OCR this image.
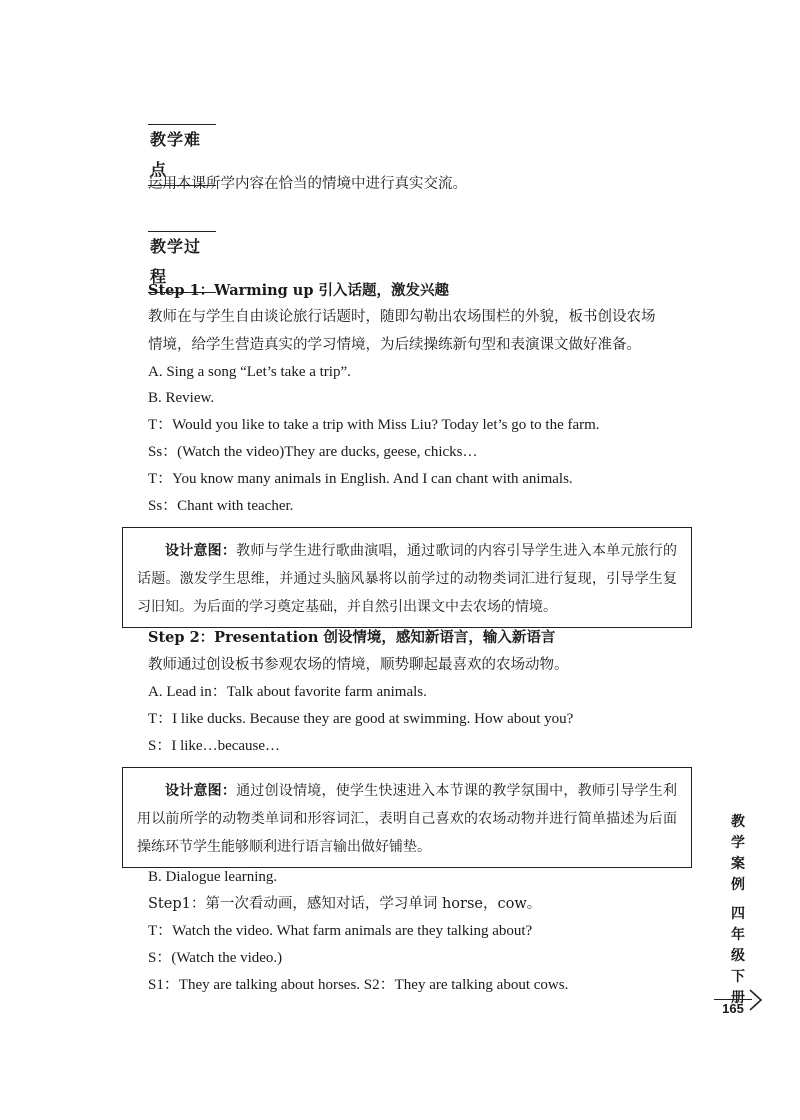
教学难点
运用本课所学内容在恰当的情境中进行真实交流。
教学过程
Step 1：Warming up 引入话题，激发兴趣
教师在与学生自由谈论旅行话题时，随即勾勒出农场围栏的外貌，板书创设农场
情境，给学生营造真实的学习情境，为后续操练新句型和表演课文做好准备。
A. Sing a song “Let’s take a trip”.
B. Review.
T：Would you like to take a trip with Miss Liu? Today let’s go to the farm.
Ss：(Watch the video)They are ducks, geese, chicks…
T：You know many animals in English. And I can chant with animals.
Ss：Chant with teacher.

设计意图：教师与学生进行歌曲演唱，通过歌词的内容引导学生进入本单元旅行的话题。激发学生思维，并通过头脑风暴将以前学过的动物类词汇进行复现，引导学生复习旧知。为后面的学习奠定基础，并自然引出课文中去农场的情境。

Step 2：Presentation 创设情境，感知新语言，输入新语言
教师通过创设板书参观农场的情境，顺势聊起最喜欢的农场动物。
A. Lead in：Talk about favorite farm animals.
T：I like ducks. Because they are good at swimming. How about you?
S：I like…because…

设计意图：通过创设情境，使学生快速进入本节课的教学氛围中，教师引导学生利用以前所学的动物类单词和形容词汇，表明自己喜欢的农场动物并进行简单描述为后面操练环节学生能够顺利进行语言输出做好铺垫。

B. Dialogue learning.
Step1：第一次看动画，感知对话，学习单词 horse，cow。
T：Watch the video. What farm animals are they talking about?
S：(Watch the video.)
S1：They are talking about horses. S2：They are talking about cows.
教
学
案
例
四
年
级
下
册
165
